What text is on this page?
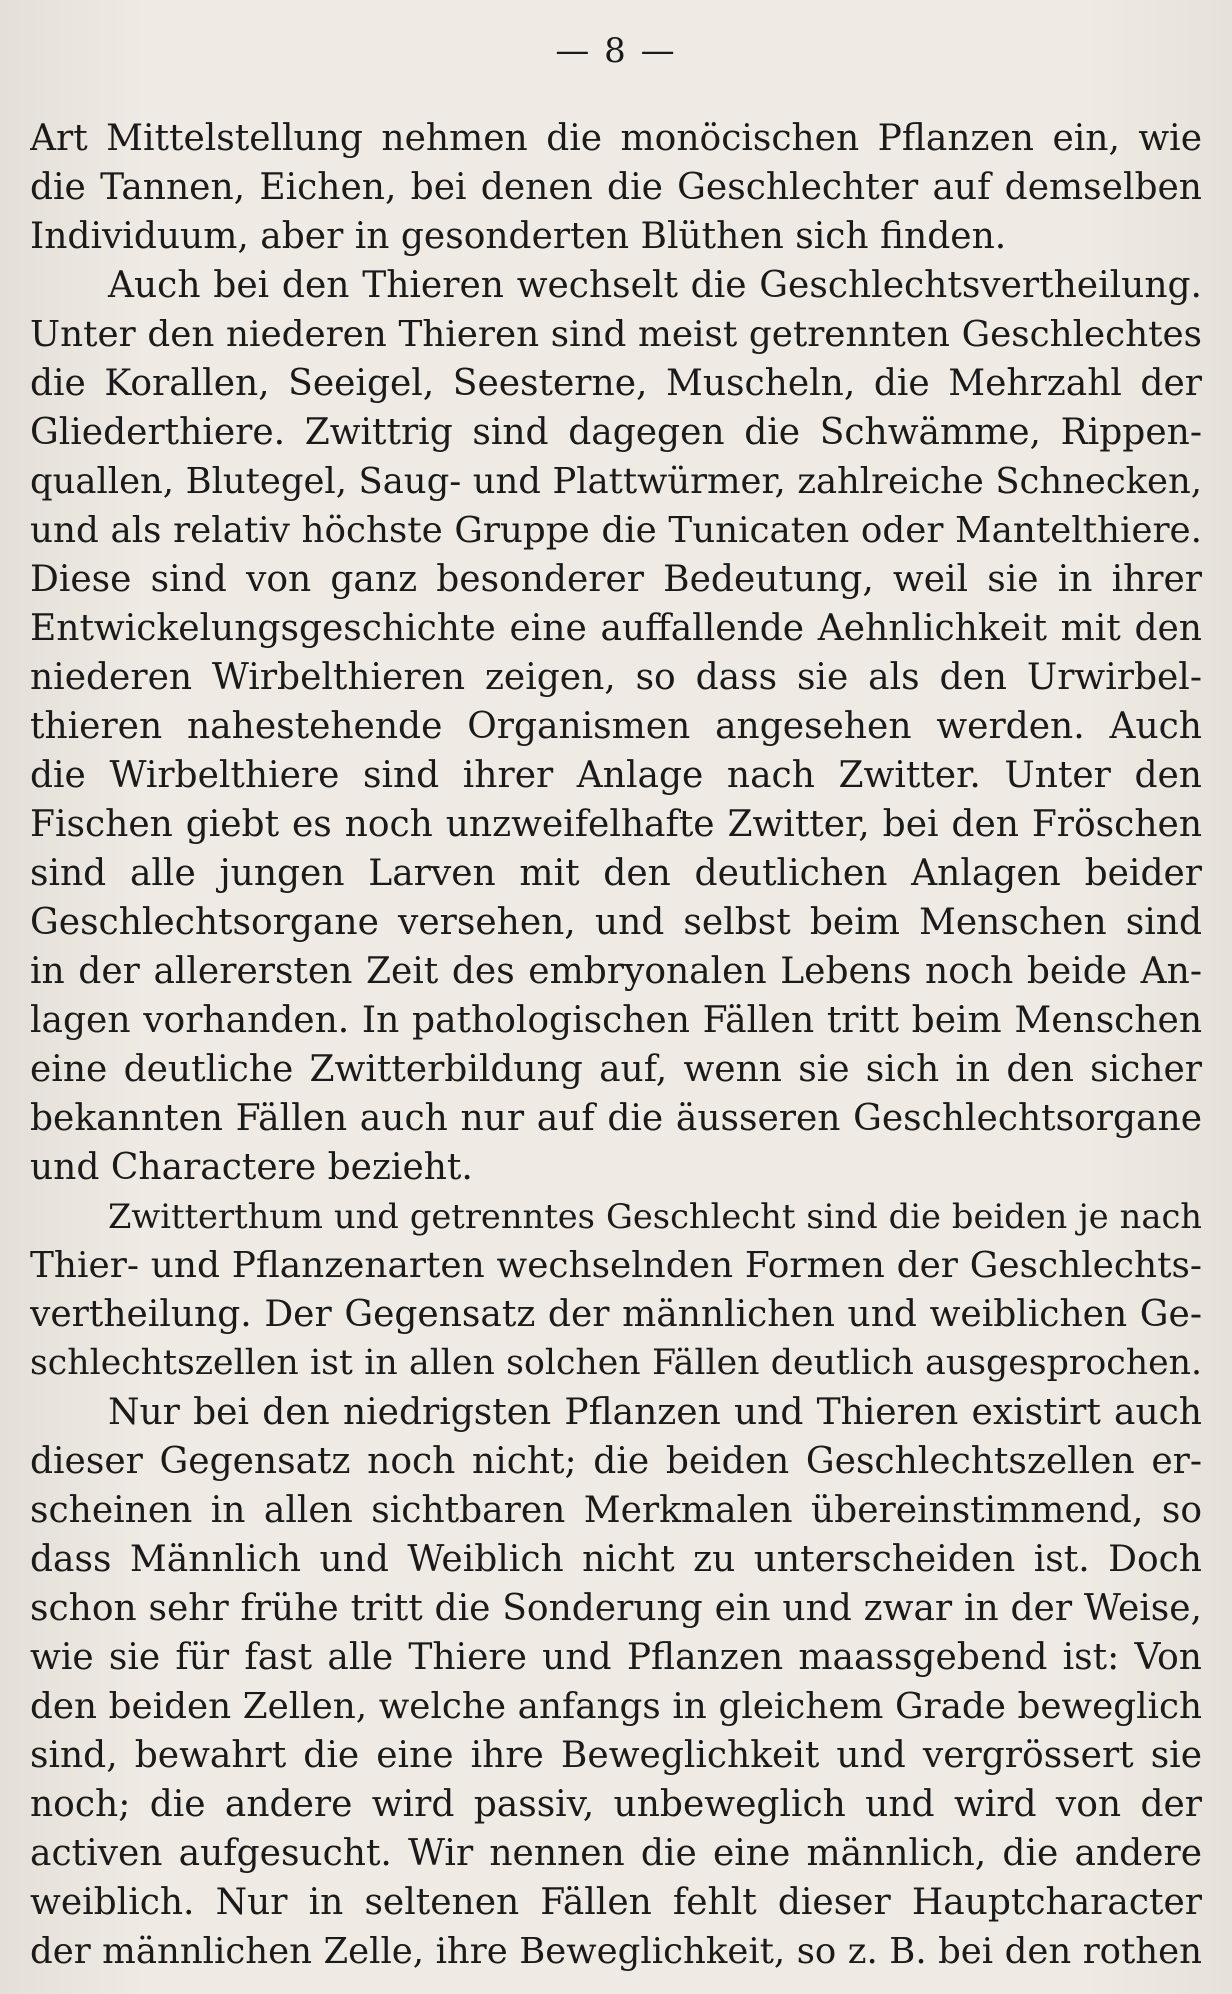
— 8 —
Art Mittelstellung nehmen die monöcischen Pflanzen ein, wie
die Tannen, Eichen, bei denen die Geschlechter auf demselben
Individuum, aber in gesonderten Blüthen sich finden.
Auch bei den Thieren wechselt die Geschlechtsvertheilung.
Unter den niederen Thieren sind meist getrennten Geschlechtes
die Korallen, Seeigel, Seesterne, Muscheln, die Mehrzahl der
Gliederthiere. Zwittrig sind dagegen die Schwämme, Rippen-
quallen, Blutegel, Saug- und Plattwürmer, zahlreiche Schnecken,
und als relativ höchste Gruppe die Tunicaten oder Mantelthiere.
Diese sind von ganz besonderer Bedeutung, weil sie in ihrer
Entwickelungsgeschichte eine auffallende Aehnlichkeit mit den
niederen Wirbelthieren zeigen, so dass sie als den Urwirbel-
thieren nahestehende Organismen angesehen werden. Auch
die Wirbelthiere sind ihrer Anlage nach Zwitter. Unter den
Fischen giebt es noch unzweifelhafte Zwitter, bei den Fröschen
sind alle jungen Larven mit den deutlichen Anlagen beider
Geschlechtsorgane versehen, und selbst beim Menschen sind
in der allerersten Zeit des embryonalen Lebens noch beide An-
lagen vorhanden. In pathologischen Fällen tritt beim Menschen
eine deutliche Zwitterbildung auf, wenn sie sich in den sicher
bekannten Fällen auch nur auf die äusseren Geschlechtsorgane
und Charactere bezieht.
Zwitterthum und getrenntes Geschlecht sind die beiden je nach
Thier- und Pflanzenarten wechselnden Formen der Geschlechts-
vertheilung. Der Gegensatz der männlichen und weiblichen Ge-
schlechtszellen ist in allen solchen Fällen deutlich ausgesprochen.
Nur bei den niedrigsten Pflanzen und Thieren existirt auch
dieser Gegensatz noch nicht; die beiden Geschlechtszellen er-
scheinen in allen sichtbaren Merkmalen übereinstimmend, so
dass Männlich und Weiblich nicht zu unterscheiden ist. Doch
schon sehr frühe tritt die Sonderung ein und zwar in der Weise,
wie sie für fast alle Thiere und Pflanzen maassgebend ist: Von
den beiden Zellen, welche anfangs in gleichem Grade beweglich
sind, bewahrt die eine ihre Beweglichkeit und vergrössert sie
noch; die andere wird passiv, unbeweglich und wird von der
activen aufgesucht. Wir nennen die eine männlich, die andere
weiblich. Nur in seltenen Fällen fehlt dieser Hauptcharacter
der männlichen Zelle, ihre Beweglichkeit, so z. B. bei den rothen
